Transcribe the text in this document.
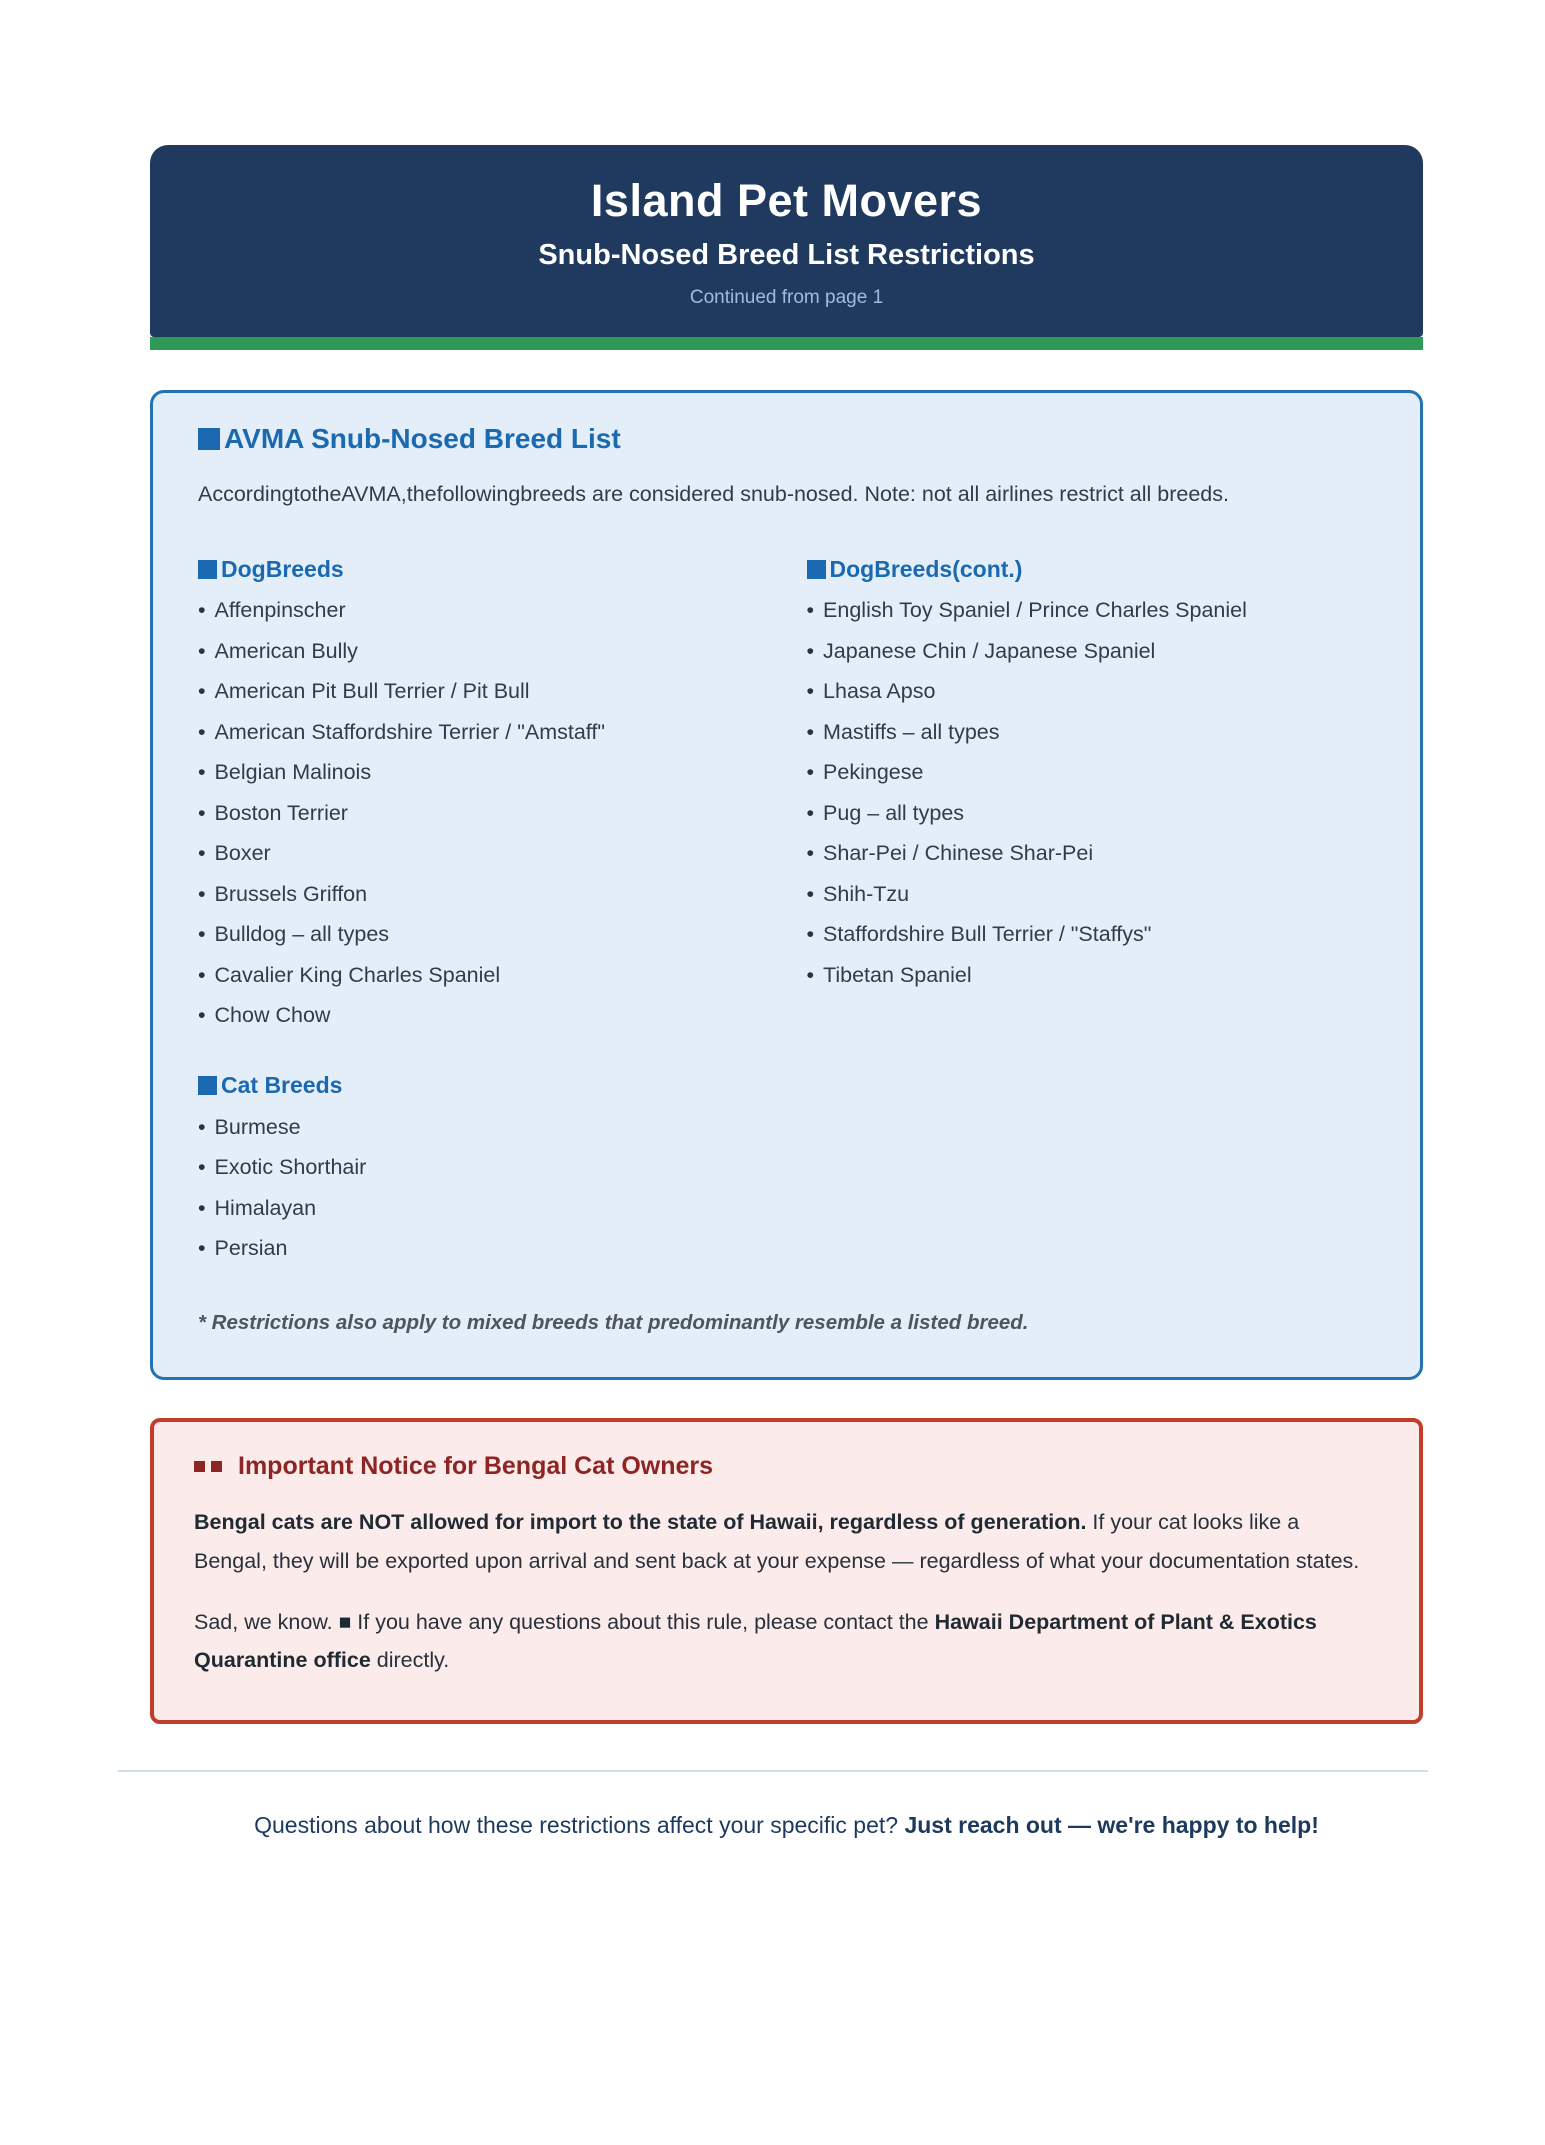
Island Pet Movers
Snub-Nosed Breed List Restrictions
Continued from page 1
AVMA Snub-Nosed Breed List

AccordingtotheAVMA,thefollowingbreeds are considered snub-nosed. Note: not all airlines restrict all breeds.

DogBreeds
• Affenpinscher
• American Bully
• American Pit Bull Terrier / Pit Bull
• American Staffordshire Terrier / "Amstaff"
• Belgian Malinois
• Boston Terrier
• Boxer
• Brussels Griffon
• Bulldog – all types
• Cavalier King Charles Spaniel
• Chow Chow
DogBreeds(cont.)
• English Toy Spaniel / Prince Charles Spaniel
• Japanese Chin / Japanese Spaniel
• Lhasa Apso
• Mastiffs – all types
• Pekingese
• Pug – all types
• Shar-Pei / Chinese Shar-Pei
• Shih-Tzu
• Staffordshire Bull Terrier / "Staffys"
• Tibetan Spaniel
Cat Breeds
• Burmese
• Exotic Shorthair
• Himalayan
• Persian
* Restrictions also apply to mixed breeds that predominantly resemble a listed breed.
Important Notice for Bengal Cat Owners

Bengal cats are NOT allowed for import to the state of Hawaii, regardless of generation. If your cat looks like a Bengal, they will be exported upon arrival and sent back at your expense — regardless of what your documentation states.

Sad, we know. ■ If you have any questions about this rule, please contact the Hawaii Department of Plant & Exotics Quarantine office directly.

Questions about how these restrictions affect your specific pet? Just reach out — we're happy to help!
